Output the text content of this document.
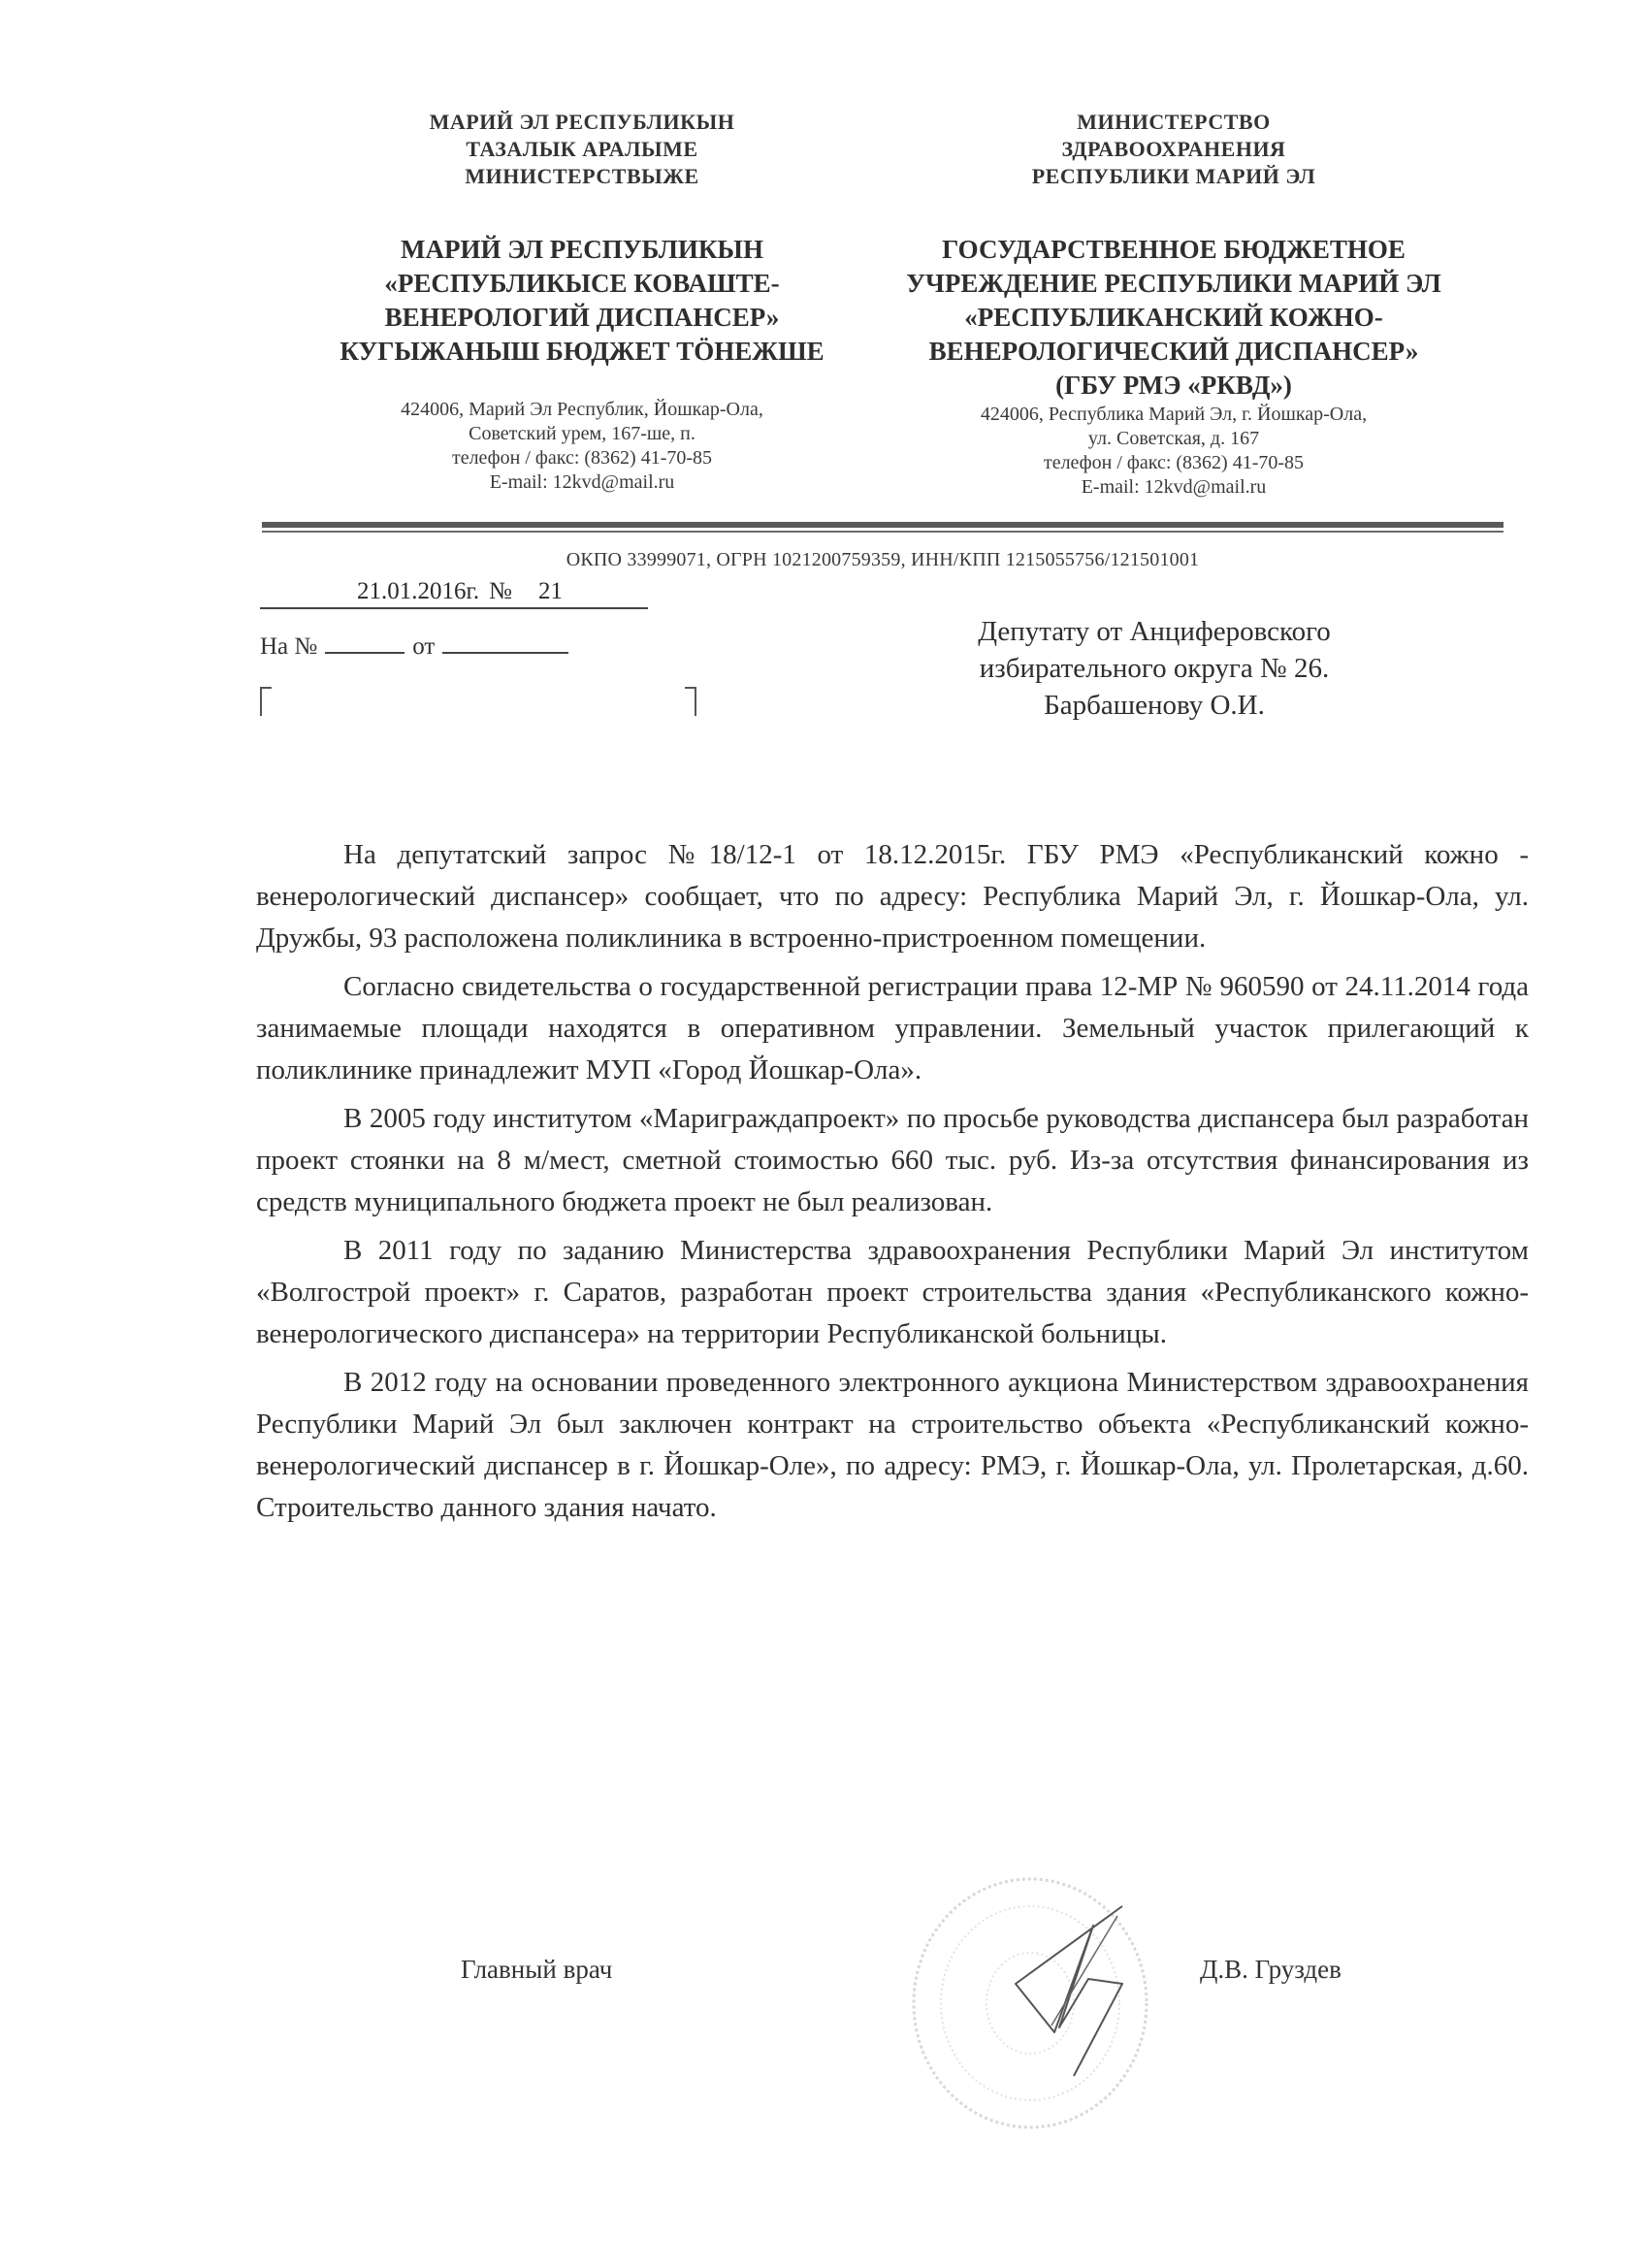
МАРИЙ ЭЛ РЕСПУБЛИКЫН
ТАЗАЛЫК АРАЛЫМЕ
МИНИСТЕРСТВЫЖЕ
МАРИЙ ЭЛ РЕСПУБЛИКЫН
«РЕСПУБЛИКЫСЕ КОВАШТЕ-
ВЕНЕРОЛОГИЙ ДИСПАНСЕР»
КУГЫЖАНЫШ БЮДЖЕТ ТÖНЕЖШЕ
424006, Марий Эл Республик, Йошкар-Ола,
Советский урем, 167-ше, п.
телефон / факс: (8362) 41-70-85
E-mail: 12kvd@mail.ru
МИНИСТЕРСТВО
ЗДРАВООХРАНЕНИЯ
РЕСПУБЛИКИ МАРИЙ ЭЛ
ГОСУДАРСТВЕННОЕ БЮДЖЕТНОЕ
УЧРЕЖДЕНИЕ РЕСПУБЛИКИ МАРИЙ ЭЛ
«РЕСПУБЛИКАНСКИЙ КОЖНО-
ВЕНЕРОЛОГИЧЕСКИЙ ДИСПАНСЕР»
(ГБУ РМЭ «РКВД»)
424006, Республика Марий Эл, г. Йошкар-Ола,
ул. Советская, д. 167
телефон / факс: (8362) 41-70-85
E-mail: 12kvd@mail.ru
ОКПО 33999071, ОГРН 1021200759359, ИНН/КПП 1215055756/121501001
21.01.2016г. № 21
На №	от	Депутату от Анциферовского
избирательного округа № 26.
Барбашенову О.И.

На депутатский запрос №18/12-1 от 18.12.2015г. ГБУ РМЭ «Республиканский кожно - венерологический диспансер» сообщает, что по адресу: Республика Марий Эл, г. Йошкар-Ола, ул. Дружбы, 93 расположена поликлиника в встроенно-пристроенном помещении.

Согласно свидетельства о государственной регистрации права 12-МР № 960590 от 24.11.2014 года занимаемые площади находятся в оперативном управлении. Земельный участок прилегающий к поликлинике принадлежит МУП «Город Йошкар-Ола».

В 2005 году институтом «Мариграждапроект» по просьбе руководства диспансера был разработан проект стоянки на 8 м/мест, сметной стоимостью 660 тыс. руб. Из-за отсутствия финансирования из средств муниципального бюджета проект не был реализован.

В 2011 году по заданию Министерства здравоохранения Республики Марий Эл институтом «Волгострой проект» г. Саратов, разработан проект строительства здания «Республиканского кожно-венерологического диспансера» на территории Республиканской больницы.

В 2012 году на основании проведенного электронного аукциона Министерством здравоохранения Республики Марий Эл был заключен контракт на строительство объекта «Республиканский кожно-венерологический диспансер в г. Йошкар-Оле», по адресу: РМЭ, г. Йошкар-Ола, ул. Пролетарская, д.60. Строительство данного здания начато.

Главный врач	Д.В. Груздев
